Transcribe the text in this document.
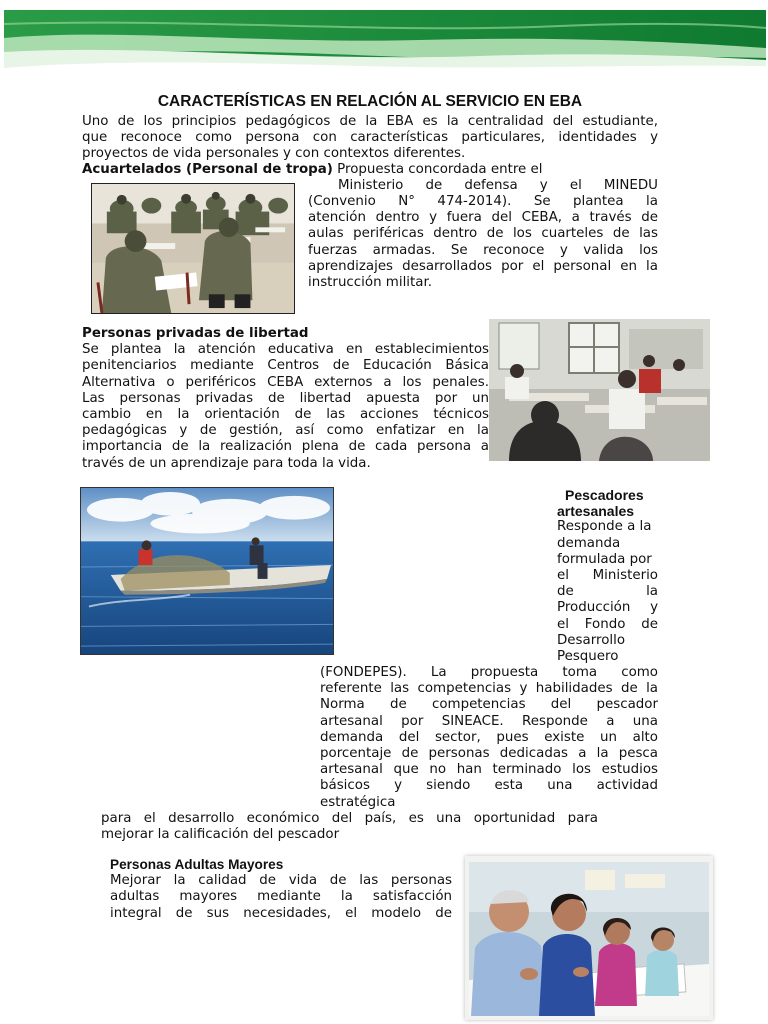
CARACTERÍSTICAS EN RELACIÓN AL SERVICIO EN EBA
Uno de los principios pedagógicos de la EBA es la centralidad del estudiante,
que reconoce como persona con características particulares, identidades y
proyectos de vida personales y con contextos diferentes.
Acuartelados (Personal de tropa) Propuesta concordada entre el
Ministerio de defensa y el MINEDU
(Convenio N° 474-2014). Se plantea la
atención dentro y fuera del CEBA, a través de
aulas periféricas dentro de los cuarteles de las
fuerzas armadas. Se reconoce y valida los
aprendizajes desarrollados por el personal en la
instrucción militar.
Personas privadas de libertad
Se plantea la atención educativa en establecimientos
penitenciarios mediante Centros de Educación Básica
Alternativa o periféricos CEBA externos a los penales.
Las personas privadas de libertad apuesta por un
cambio en la orientación de las acciones técnicos
pedagógicas y de gestión, así como enfatizar en la
importancia de la realización plena de cada persona a
través de un aprendizaje para toda la vida.
Pescadores
artesanales
Responde a la
demanda
formulada por
el Ministerio
de la
Producción y
el Fondo de
Desarrollo
Pesquero
(FONDEPES). La propuesta toma como
referente las competencias y habilidades de la
Norma de competencias del pescador
artesanal por SINEACE. Responde a una
demanda del sector, pues existe un alto
porcentaje de personas dedicadas a la pesca
artesanal que no han terminado los estudios
básicos y siendo esta una actividad
estratégica
para el desarrollo económico del país, es una oportunidad para
mejorar la calificación del pescador
Personas Adultas Mayores
Mejorar la calidad de vida de las personas
adultas mayores mediante la satisfacción
integral de sus necesidades, el modelo de
